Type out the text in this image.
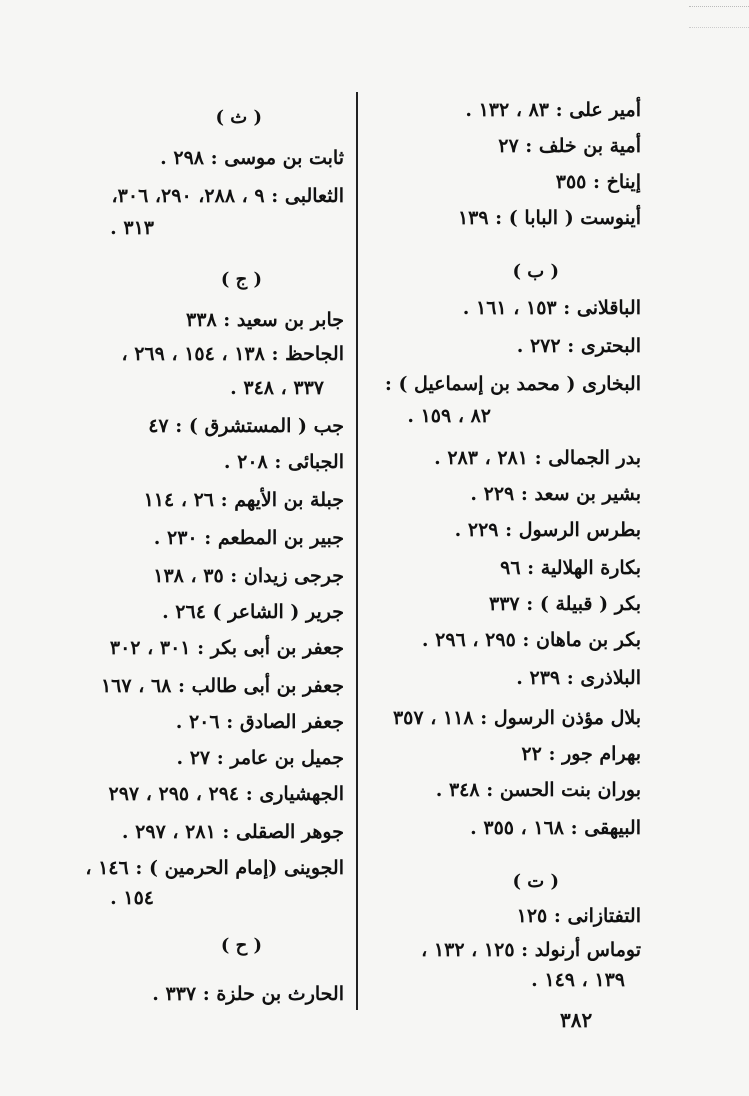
أمير على : ٨٣ ، ١٣٢ .
أمية بن خلف : ٢٧
إيناخ : ٣٥٥
أينوست ( البابا ) : ١٣٩
( ب )
الباقلانى : ١٥٣ ، ١٦١ .
البحترى : ٢٧٢ .
البخارى ( محمد بن إسماعيل ) :
٨٢ ، ١٥٩ .
بدر الجمالى : ٢٨١ ، ٢٨٣ .
بشير بن سعد : ٢٢٩ .
بطرس الرسول : ٢٢٩ .
بكارة الهلالية : ٩٦
بكر ( قبيلة ) : ٣٣٧
بكر بن ماهان : ٢٩٥ ، ٢٩٦ .
البلاذرى : ٢٣٩ .
بلال مؤذن الرسول : ١١٨ ، ٣٥٧
بهرام جور : ٢٢
بوران بنت الحسن : ٣٤٨ .
البيهقى : ١٦٨ ، ٣٥٥ .
( ت )
التفتازانى : ١٢٥
توماس أرنولد : ١٢٥ ، ١٣٢ ،
١٣٩ ، ١٤٩ .
( ث )
ثابت بن موسى : ٢٩٨ .
الثعالبى : ٩ ، ٢٨٨، ٢٩٠، ٣٠٦،
٣١٣ .
( ج )
جابر بن سعيد : ٣٣٨
الجاحظ : ١٣٨ ، ١٥٤ ، ٢٦٩ ،
٣٣٧ ، ٣٤٨ .
جب ( المستشرق ) : ٤٧
الجبائى : ٢٠٨ .
جبلة بن الأيهم : ٢٦ ، ١١٤
جبير بن المطعم : ٢٣٠ .
جرجى زيدان : ٣٥ ، ١٣٨
جرير ( الشاعر ) ٢٦٤ .
جعفر بن أبى بكر : ٣٠١ ، ٣٠٢
جعفر بن أبى طالب : ٦٨ ، ١٦٧
جعفر الصادق : ٢٠٦ .
جميل بن عامر : ٢٧ .
الجهشيارى : ٢٩٤ ، ٢٩٥ ، ٢٩٧
جوهر الصقلى : ٢٨١ ، ٢٩٧ .
الجوينى (إمام الحرمين ) : ١٤٦ ،
١٥٤ .
( ح )
الحارث بن حلزة : ٣٣٧ .
٣٨٢
